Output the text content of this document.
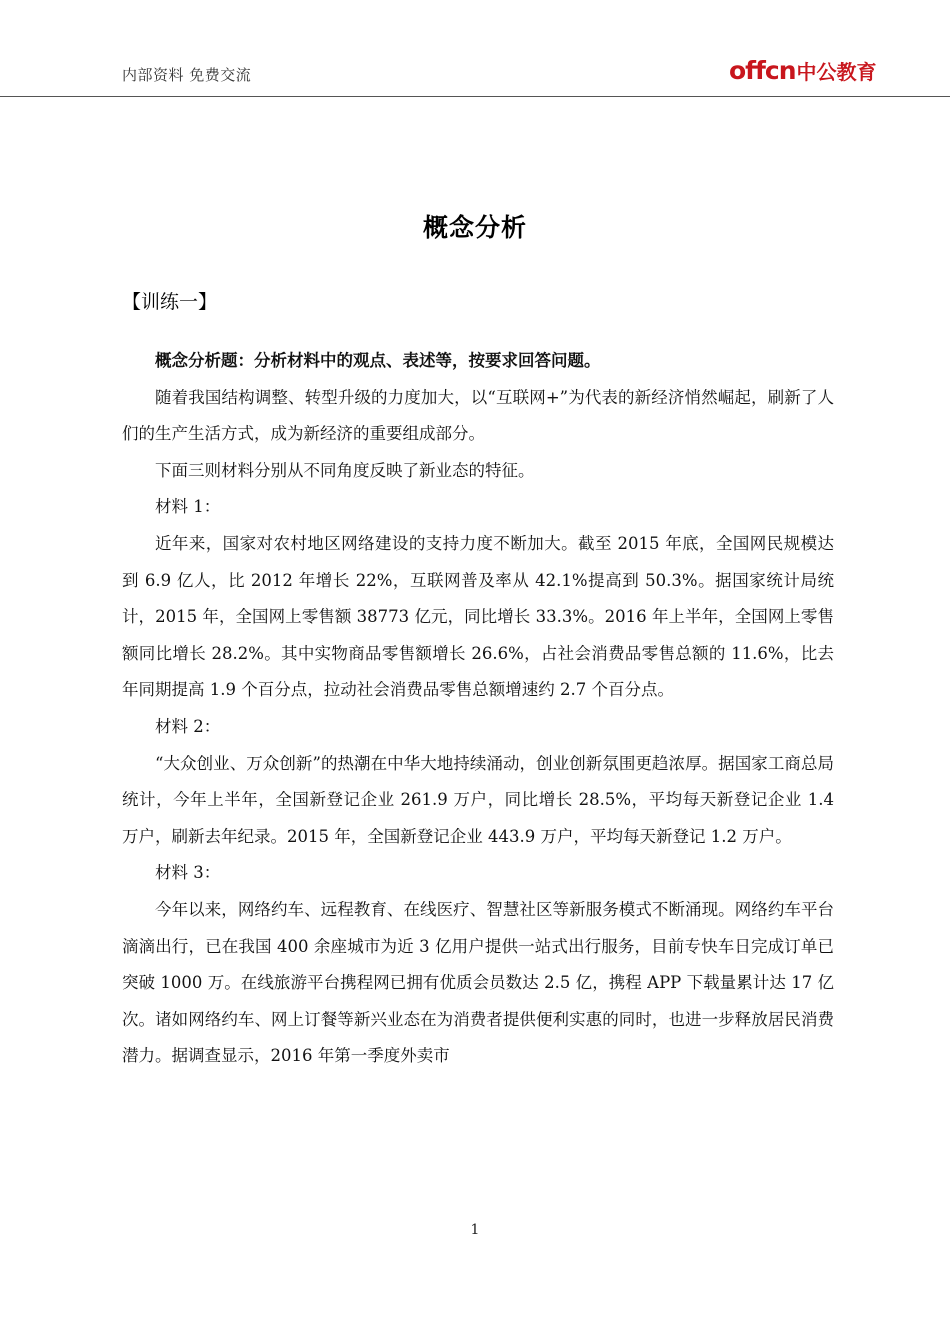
内部资料 免费交流	offcn 中公教育
概念分析
【训练一】

概念分析题：分析材料中的观点、表述等，按要求回答问题。

随着我国结构调整、转型升级的力度加大，以“互联网+”为代表的新经济悄然崛起，刷新了人们的生产生活方式，成为新经济的重要组成部分。

下面三则材料分别从不同角度反映了新业态的特征。

材料 1：

近年来，国家对农村地区网络建设的支持力度不断加大。截至 2015 年底，全国网民规模达到 6.9 亿人，比 2012 年增长 22%，互联网普及率从 42.1%提高到 50.3%。据国家统计局统计，2015 年，全国网上零售额 38773 亿元，同比增长 33.3%。2016 年上半年，全国网上零售额同比增长 28.2%。其中实物商品零售额增长 26.6%，占社会消费品零售总额的 11.6%，比去年同期提高 1.9 个百分点，拉动社会消费品零售总额增速约 2.7 个百分点。

材料 2：

“大众创业、万众创新”的热潮在中华大地持续涌动，创业创新氛围更趋浓厚。据国家工商总局统计，今年上半年，全国新登记企业 261.9 万户，同比增长 28.5%，平均每天新登记企业 1.4 万户，刷新去年纪录。2015 年，全国新登记企业 443.9 万户，平均每天新登记 1.2 万户。

材料 3：

今年以来，网络约车、远程教育、在线医疗、智慧社区等新服务模式不断涌现。网络约车平台滴滴出行，已在我国 400 余座城市为近 3 亿用户提供一站式出行服务，目前专快车日完成订单已突破 1000 万。在线旅游平台携程网已拥有优质会员数达 2.5 亿，携程 APP 下载量累计达 17 亿次。诸如网络约车、网上订餐等新兴业态在为消费者提供便利实惠的同时，也进一步释放居民消费潜力。据调查显示，2016 年第一季度外卖市

1
